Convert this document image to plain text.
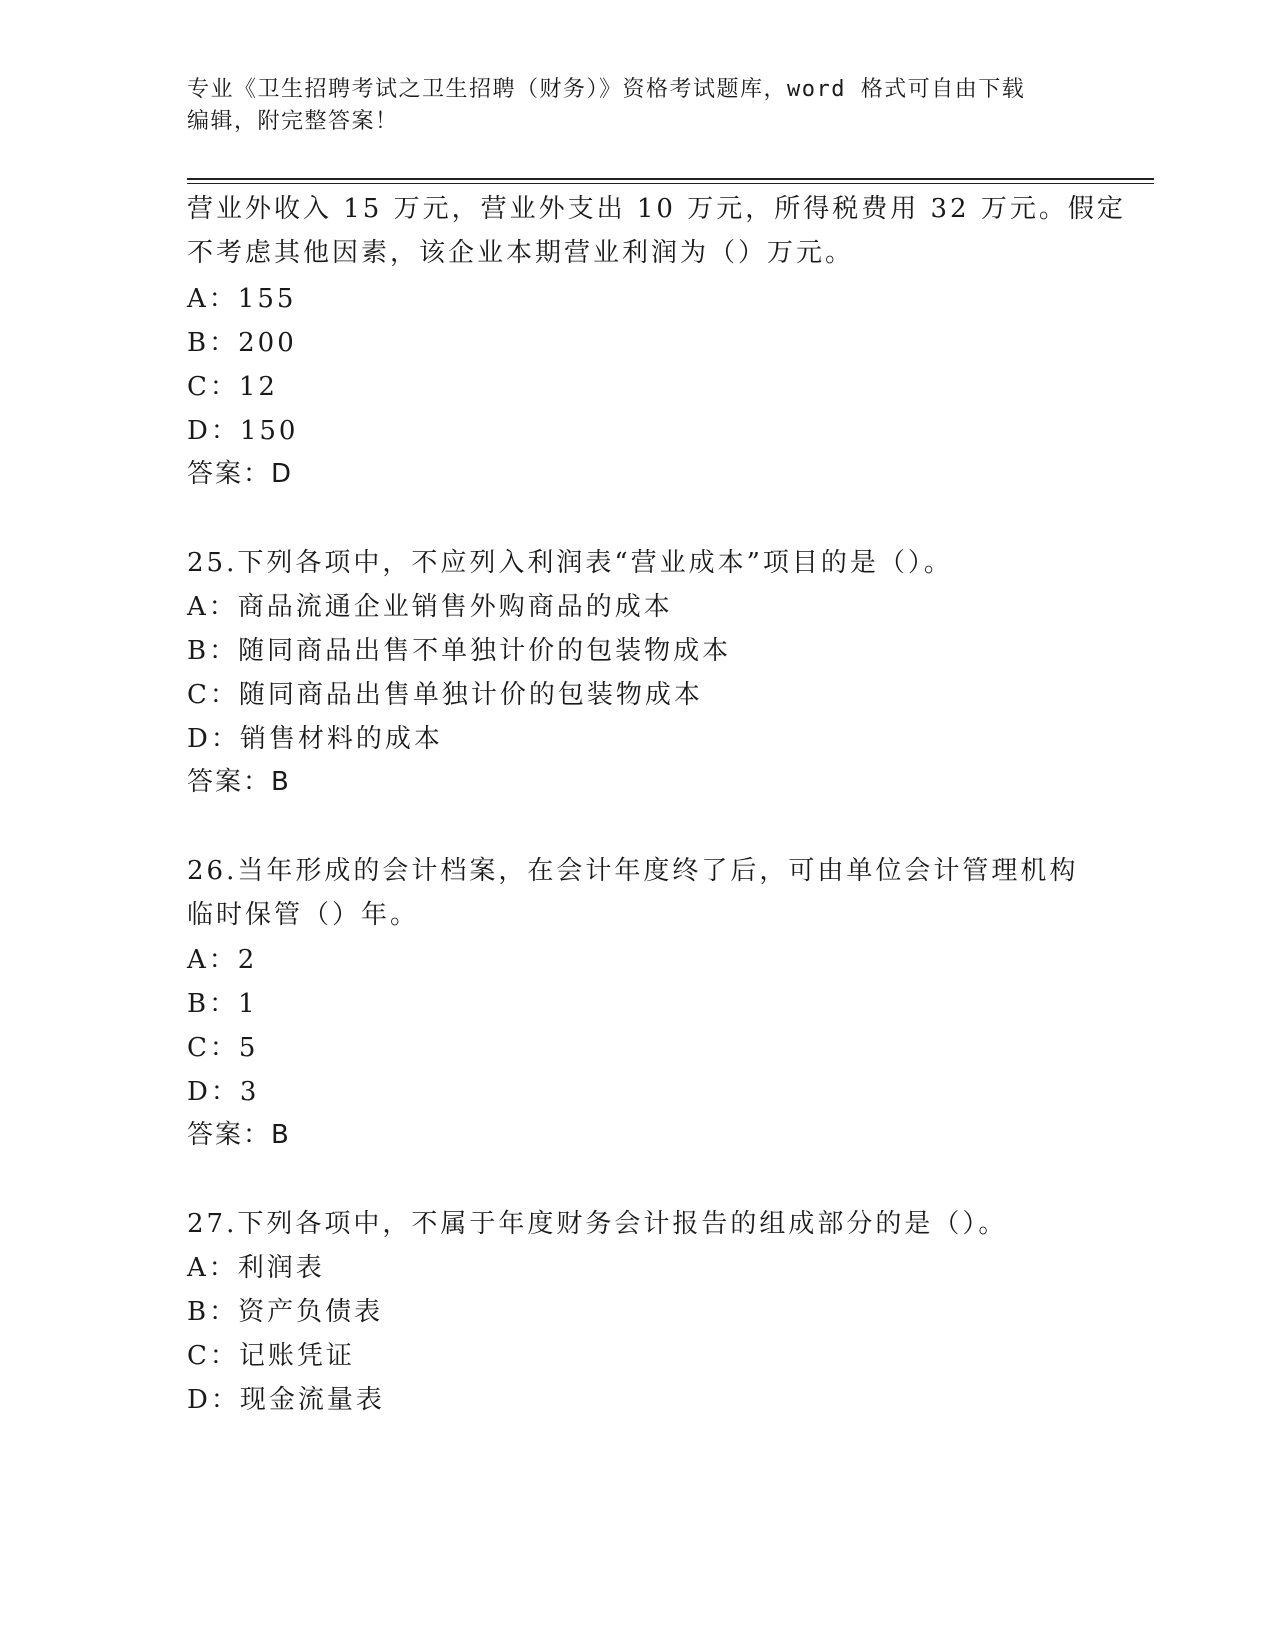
专业《卫生招聘考试之卫生招聘（财务）》资格考试题库，word 格式可自由下载
编辑，附完整答案！

营业外收入 15 万元，营业外支出 10 万元，所得税费用 32 万元。假定

不考虑其他因素，该企业本期营业利润为（）万元。

A：155

B：200

C：12

D：150

答案：D

25.下列各项中，不应列入利润表“营业成本”项目的是（）。

A：商品流通企业销售外购商品的成本

B：随同商品出售不单独计价的包装物成本

C：随同商品出售单独计价的包装物成本

D：销售材料的成本

答案：B

26.当年形成的会计档案，在会计年度终了后，可由单位会计管理机构

临时保管（）年。

A：2

B：1

C：5

D：3

答案：B

27.下列各项中，不属于年度财务会计报告的组成部分的是（）。

A：利润表

B：资产负债表

C：记账凭证

D：现金流量表
